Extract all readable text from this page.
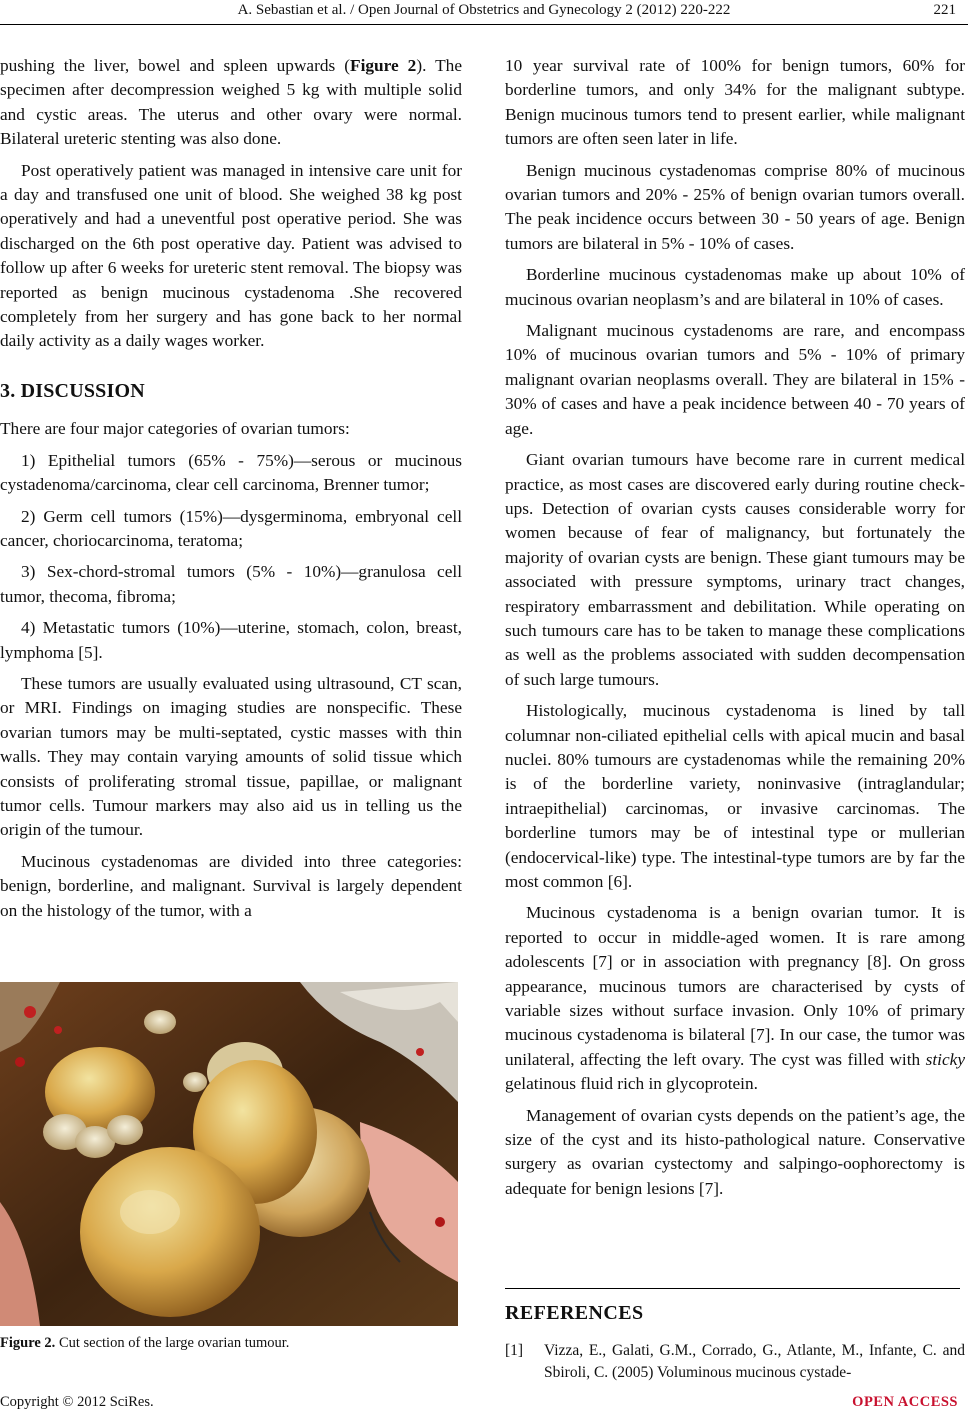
A. Sebastian et al. / Open Journal of Obstetrics and Gynecology 2 (2012) 220-222	221

pushing the liver, bowel and spleen upwards (Figure 2). The specimen after decompression weighed 5 kg with multiple solid and cystic areas. The uterus and other ovary were normal. Bilateral ureteric stenting was also done.

Post operatively patient was managed in intensive care unit for a day and transfused one unit of blood. She weighed 38 kg post operatively and had a uneventful post operative period. She was discharged on the 6th post operative day. Patient was advised to follow up after 6 weeks for ureteric stent removal. The biopsy was reported as benign mucinous cystadenoma .She recovered completely from her surgery and has gone back to her normal daily activity as a daily wages worker.

3. DISCUSSION

There are four major categories of ovarian tumors:

1) Epithelial tumors (65% - 75%)—serous or mucinous cystadenoma/carcinoma, clear cell carcinoma, Brenner tumor;

2) Germ cell tumors (15%)—dysgerminoma, embryonal cell cancer, choriocarcinoma, teratoma;

3) Sex-chord-stromal tumors (5% - 10%)—granulosa cell tumor, thecoma, fibroma;

4) Metastatic tumors (10%)—uterine, stomach, colon, breast, lymphoma [5].

These tumors are usually evaluated using ultrasound, CT scan, or MRI. Findings on imaging studies are nonspecific. These ovarian tumors may be multi-septated, cystic masses with thin walls. They may contain varying amounts of solid tissue which consists of proliferating stromal tissue, papillae, or malignant tumor cells. Tumour markers may also aid us in telling us the origin of the tumour.

Mucinous cystadenomas are divided into three categories: benign, borderline, and malignant. Survival is largely dependent on the histology of the tumor, with a

Figure 2. Cut section of the large ovarian tumour.

10 year survival rate of 100% for benign tumors, 60% for borderline tumors, and only 34% for the malignant subtype. Benign mucinous tumors tend to present earlier, while malignant tumors are often seen later in life.

Benign mucinous cystadenomas comprise 80% of mucinous ovarian tumors and 20% - 25% of benign ovarian tumors overall. The peak incidence occurs between 30 - 50 years of age. Benign tumors are bilateral in 5% - 10% of cases.

Borderline mucinous cystadenomas make up about 10% of mucinous ovarian neoplasm’s and are bilateral in 10% of cases.

Malignant mucinous cystadenoms are rare, and encompass 10% of mucinous ovarian tumors and 5% - 10% of primary malignant ovarian neoplasms overall. They are bilateral in 15% - 30% of cases and have a peak incidence between 40 - 70 years of age.

Giant ovarian tumours have become rare in current medical practice, as most cases are discovered early during routine check-ups. Detection of ovarian cysts causes considerable worry for women because of fear of malignancy, but fortunately the majority of ovarian cysts are benign. These giant tumours may be associated with pressure symptoms, urinary tract changes, respiratory embarrassment and debilitation. While operating on such tumours care has to be taken to manage these complications as well as the problems associated with sudden decompensation of such large tumours.

Histologically, mucinous cystadenoma is lined by tall columnar non-ciliated epithelial cells with apical mucin and basal nuclei. 80% tumours are cystadenomas while the remaining 20% is of the borderline variety, noninvasive (intraglandular; intraepithelial) carcinomas, or invasive carcinomas. The borderline tumors may be of intestinal type or mullerian (endocervical-like) type. The intestinal-type tumors are by far the most common [6].

Mucinous cystadenoma is a benign ovarian tumor. It is reported to occur in middle-aged women. It is rare among adolescents [7] or in association with pregnancy [8]. On gross appearance, mucinous tumors are characterised by cysts of variable sizes without surface invasion. Only 10% of primary mucinous cystadenoma is bilateral [7]. In our case, the tumor was unilateral, affecting the left ovary. The cyst was filled with sticky gelatinous fluid rich in glycoprotein.

Management of ovarian cysts depends on the patient’s age, the size of the cyst and its histo-pathological nature. Conservative surgery as ovarian cystectomy and salpingo-oophorectomy is adequate for benign lesions [7].

REFERENCES
[1] Vizza, E., Galati, G.M., Corrado, G., Atlante, M., Infante, C. and Sbiroli, C. (2005) Voluminous mucinous cystade-
Copyright © 2012 SciRes.	OPEN ACCESS
